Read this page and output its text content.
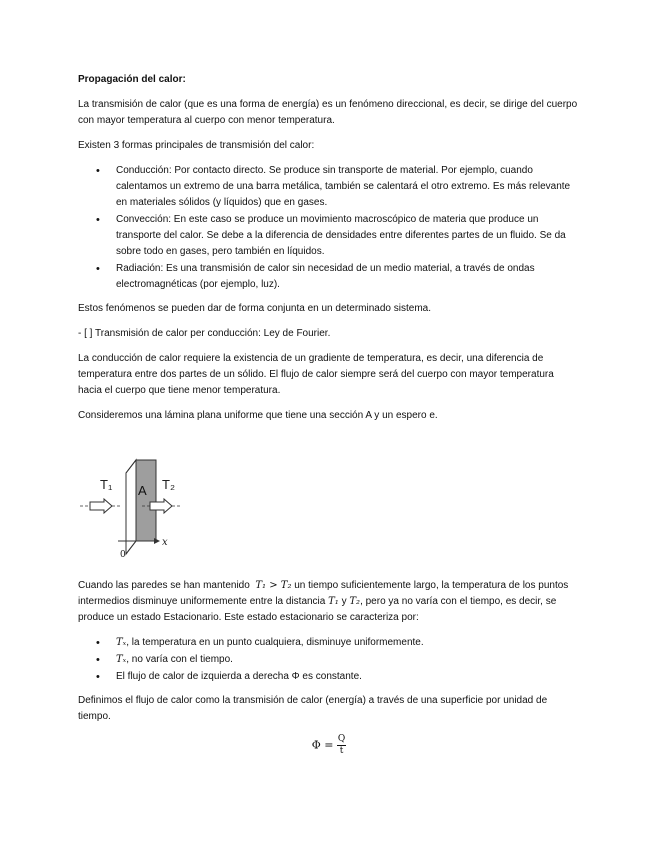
Propagación del calor:

La transmisión de calor (que es una forma de energía) es un fenómeno direccional, es decir, se dirige del cuerpo con mayor temperatura al cuerpo con menor temperatura.

Existen 3 formas principales de transmisión del calor:

• Conducción: Por contacto directo. Se produce sin transporte de material. Por ejemplo, cuando calentamos un extremo de una barra metálica, también se calentará el otro extremo. Es más relevante en materiales sólidos (y líquidos) que en gases.
• Convección: En este caso se produce un movimiento macroscópico de materia que produce un transporte del calor. Se debe a la diferencia de densidades entre diferentes partes de un fluido. Se da sobre todo en gases, pero también en líquidos.
• Radiación: Es una transmisión de calor sin necesidad de un medio material, a través de ondas electromagnéticas (por ejemplo, luz).

Estos fenómenos se pueden dar de forma conjunta en un determinado sistema.

- [ ] Transmisión de calor per conducción: Ley de Fourier.

La conducción de calor requiere la existencia de un gradiente de temperatura, es decir, una diferencia de temperatura entre dos partes de un sólido. El flujo de calor siempre será del cuerpo con mayor temperatura hacia el cuerpo que tiene menor temperatura.

Consideremos una lámina plana uniforme que tiene una sección A y un espero e.

T₁ A T₂
x
0

Cuando las paredes se han mantenido T₁ > T₂ un tiempo suficientemente largo, la temperatura de los puntos intermedios disminuye uniformemente entre la distancia T₁ y T₂, pero ya no varía con el tiempo, es decir, se produce un estado Estacionario. Este estado estacionario se caracteriza por:

• Tₓ, la temperatura en un punto cualquiera, disminuye uniformemente.
• Tₓ, no varía con el tiempo.
• El flujo de calor de izquierda a derecha Φ es constante.

Definimos el flujo de calor como la transmisión de calor (energía) a través de una superficie por unidad de tiempo.

$\Phi = \frac{Q}{t}$
